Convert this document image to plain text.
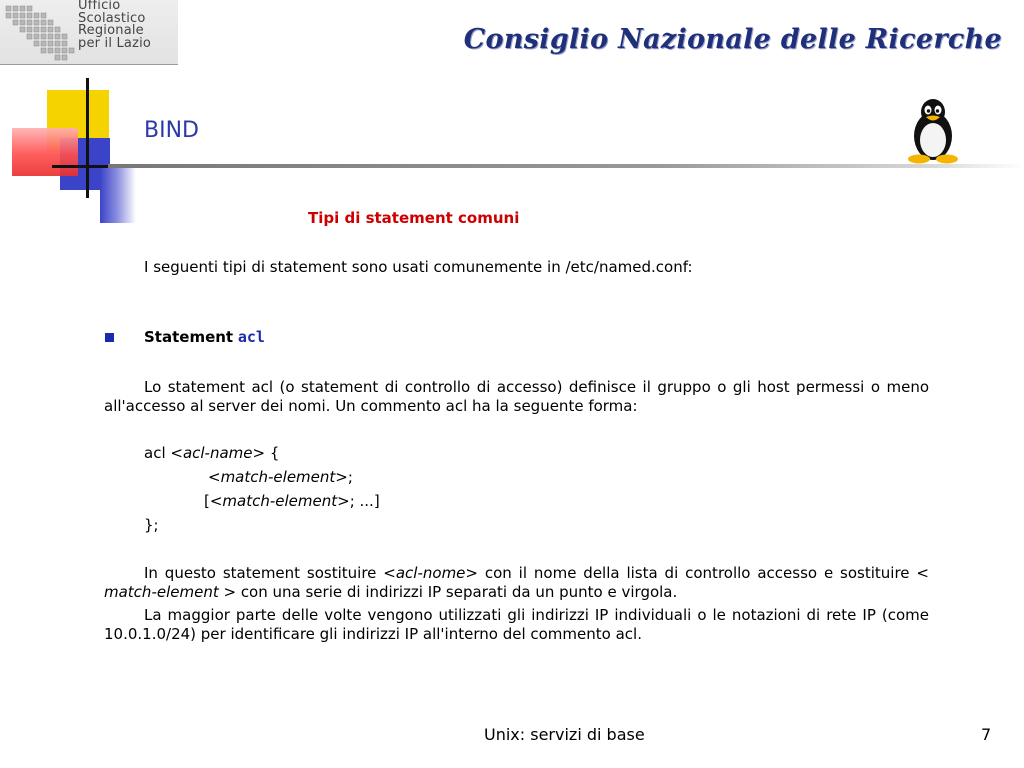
Ufficio
Scolastico
Regionale
per il Lazio	Consiglio Nazionale delle Ricerche
BIND
Tipi di statement comuni
I seguenti tipi di statement sono usati comunemente in /etc/named.conf:
Statement acl
Lo statement acl (o statement di controllo di accesso) definisce il gruppo o gli host permessi o meno all'accesso al server dei nomi. Un commento acl ha la seguente forma:
acl <acl-name> {
<match-element>;
[<match-element>; ...]
};
In questo statement sostituire <acl-nome> con il nome della lista di controllo accesso e sostituire < match-element > con una serie di indirizzi IP separati da un punto e virgola.
La maggior parte delle volte vengono utilizzati gli indirizzi IP individuali o le notazioni di rete IP (come 10.0.1.0/24) per identificare gli indirizzi IP all'interno del commento acl.
Unix: servizi di base	7
